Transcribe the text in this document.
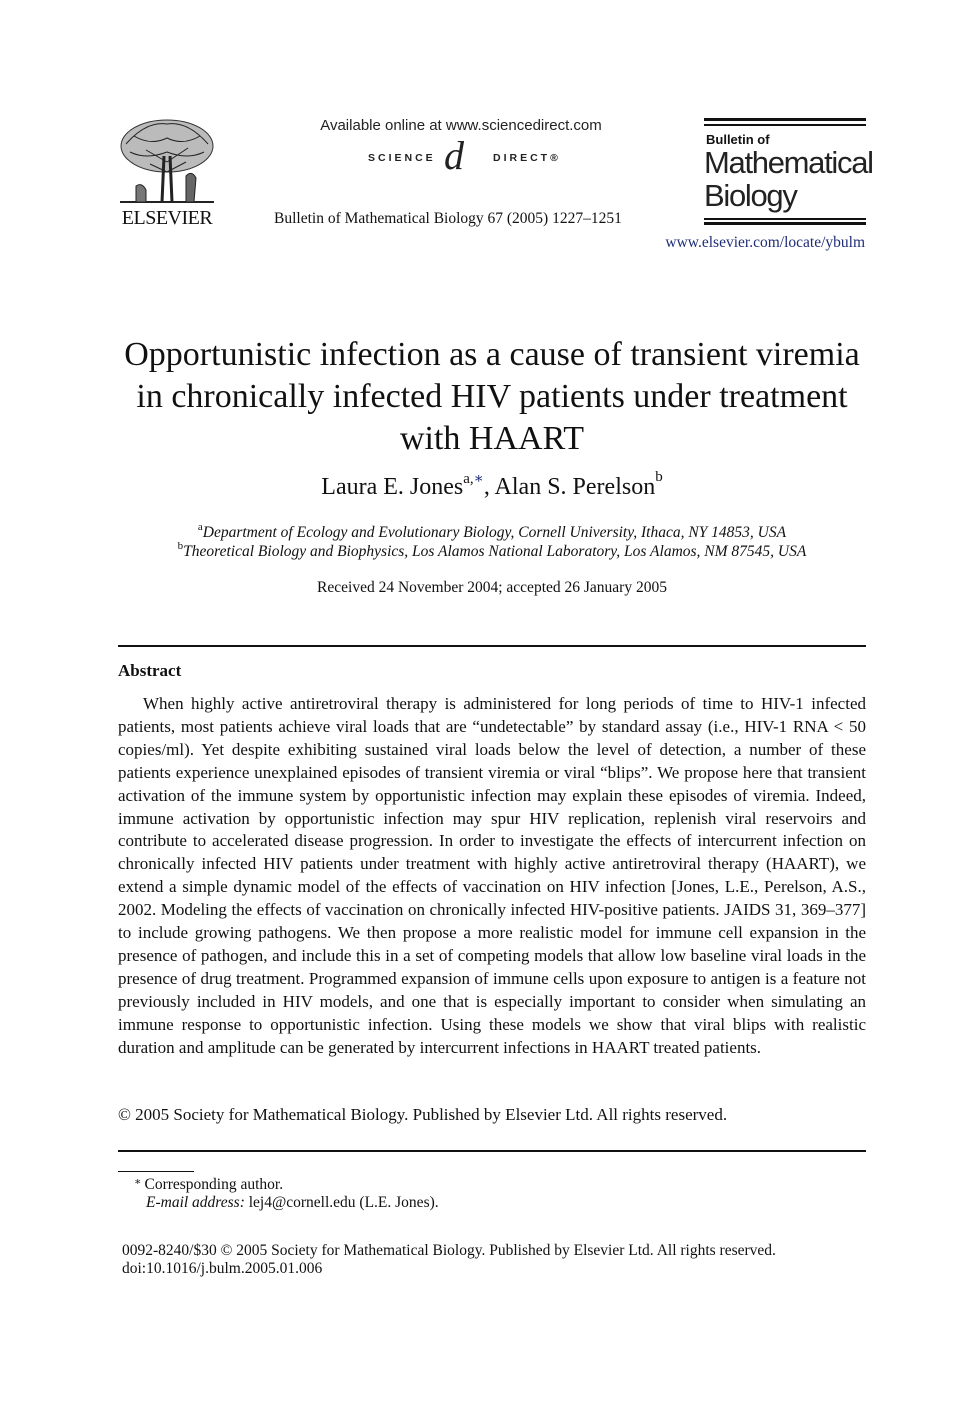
ELSEVIER
Available online at www.sciencedirect.com
SCIENCE d	DIRECT®
Bulletin of Mathematical Biology 67 (2005) 1227–1251
Bulletin of
Mathematical
Biology
www.elsevier.com/locate/ybulm
Opportunistic infection as a cause of transient viremia in chronically infected HIV patients under treatment with HAART
Laura E. Jones$^{a,∗}$, Alan S. Perelson$^b$
$^a$Department of Ecology and Evolutionary Biology, Cornell University, Ithaca, NY 14853, USA
$^b$Theoretical Biology and Biophysics, Los Alamos National Laboratory, Los Alamos, NM 87545, USA
Received 24 November 2004; accepted 26 January 2005
Abstract

When highly active antiretroviral therapy is administered for long periods of time to HIV-1 infected patients, most patients achieve viral loads that are “undetectable” by standard assay (i.e., HIV-1 RNA < 50 copies/ml). Yet despite exhibiting sustained viral loads below the level of detection, a number of these patients experience unexplained episodes of transient viremia or viral “blips”. We propose here that transient activation of the immune system by opportunistic infection may explain these episodes of viremia. Indeed, immune activation by opportunistic infection may spur HIV replication, replenish viral reservoirs and contribute to accelerated disease progression. In order to investigate the effects of intercurrent infection on chronically infected HIV patients under treatment with highly active antiretroviral therapy (HAART), we extend a simple dynamic model of the effects of vaccination on HIV infection [Jones, L.E., Perelson, A.S., 2002. Modeling the effects of vaccination on chronically infected HIV-positive patients. JAIDS 31, 369–377] to include growing pathogens. We then propose a more realistic model for immune cell expansion in the presence of pathogen, and include this in a set of competing models that allow low baseline viral loads in the presence of drug treatment. Programmed expansion of immune cells upon exposure to antigen is a feature not previously included in HIV models, and one that is especially important to consider when simulating an immune response to opportunistic infection. Using these models we show that viral blips with realistic duration and amplitude can be generated by intercurrent infections in HAART treated patients.

© 2005 Society for Mathematical Biology. Published by Elsevier Ltd. All rights reserved.
∗ Corresponding author.
E-mail address: lej4@cornell.edu (L.E. Jones).
0092-8240/$30 © 2005 Society for Mathematical Biology. Published by Elsevier Ltd. All rights reserved.
doi:10.1016/j.bulm.2005.01.006
